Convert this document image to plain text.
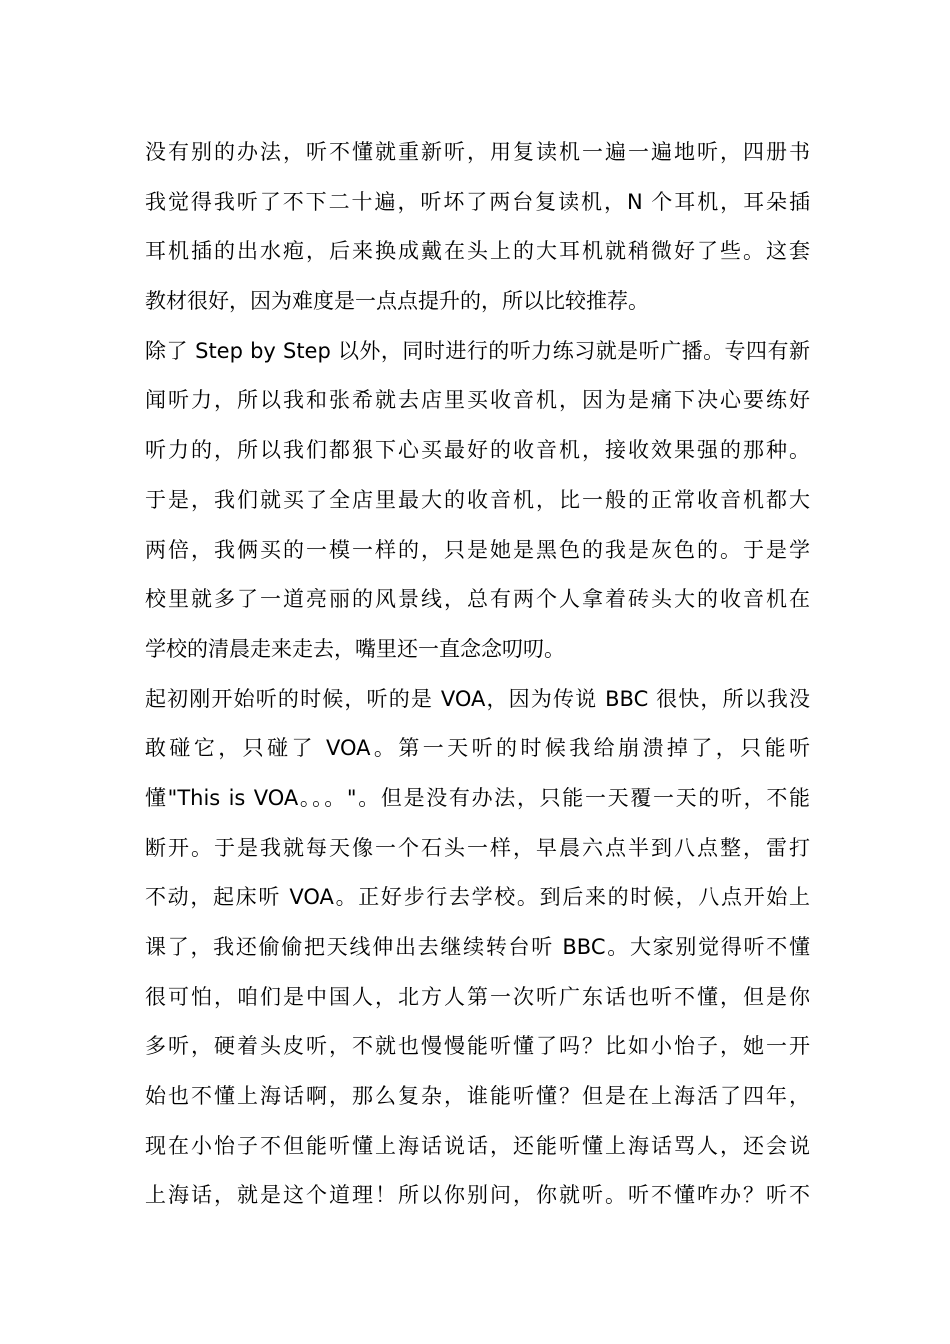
没有别的办法，听不懂就重新听，用复读机一遍一遍地听，四册书
我觉得我听了不下二十遍，听坏了两台复读机，N 个耳机，耳朵插
耳机插的出水疱，后来换成戴在头上的大耳机就稍微好了些。这套
教材很好，因为难度是一点点提升的，所以比较推荐。
除了 Step by Step 以外，同时进行的听力练习就是听广播。专四有新
闻听力，所以我和张希就去店里买收音机，因为是痛下决心要练好
听力的，所以我们都狠下心买最好的收音机，接收效果强的那种。
于是，我们就买了全店里最大的收音机，比一般的正常收音机都大
两倍，我俩买的一模一样的，只是她是黑色的我是灰色的。于是学
校里就多了一道亮丽的风景线，总有两个人拿着砖头大的收音机在
学校的清晨走来走去，嘴里还一直念念叨叨。
起初刚开始听的时候，听的是 VOA，因为传说 BBC 很快，所以我没
敢碰它，只碰了 VOA。第一天听的时候我给崩溃掉了，只能听
懂"This is VOA。。。"。但是没有办法，只能一天覆一天的听，不能
断开。于是我就每天像一个石头一样，早晨六点半到八点整，雷打
不动，起床听 VOA。正好步行去学校。到后来的时候，八点开始上
课了，我还偷偷把天线伸出去继续转台听 BBC。大家别觉得听不懂
很可怕，咱们是中国人，北方人第一次听广东话也听不懂，但是你
多听，硬着头皮听，不就也慢慢能听懂了吗？比如小怡子，她一开
始也不懂上海话啊，那么复杂，谁能听懂？但是在上海活了四年，
现在小怡子不但能听懂上海话说话，还能听懂上海话骂人，还会说
上海话，就是这个道理！所以你别问，你就听。听不懂咋办？听不
